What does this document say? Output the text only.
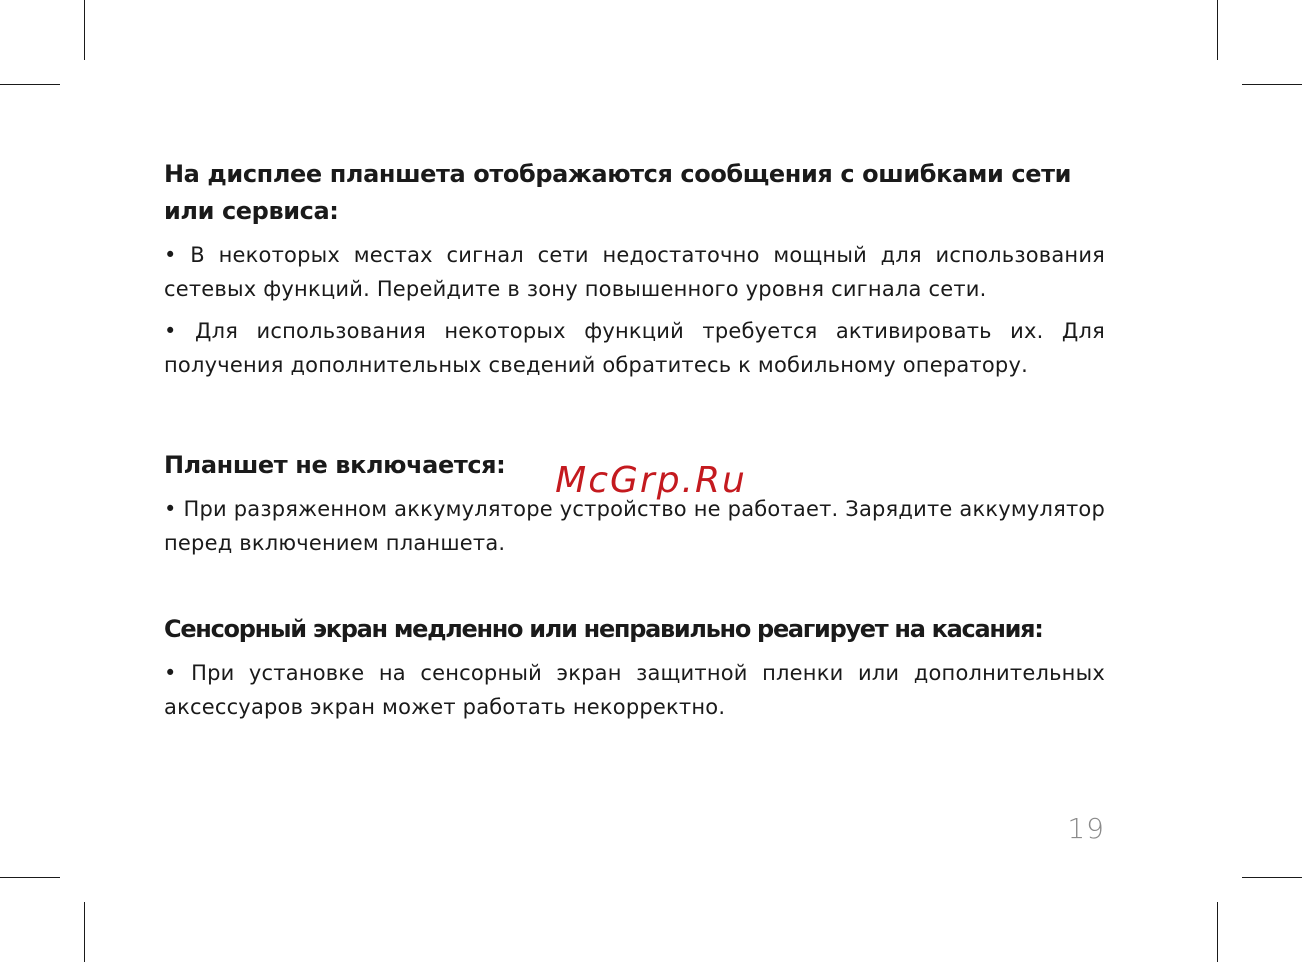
На дисплее планшета отображаются сообщения с ошибками сети или сервиса:

• В некоторых местах сигнал сети недостаточно мощный для использования сетевых функций. Перейдите в зону повышенного уровня сигнала сети.

• Для использования некоторых функций требуется активировать их. Для получения дополнительных сведений обратитесь к мобильному оператору.

Планшет не включается:

• При разряженном аккумуляторе устройство не работает. Зарядите аккумулятор перед включением планшета.

Сенсорный экран медленно или неправильно реагирует на касания:

• При установке на сенсорный экран защитной пленки или дополнительных аксессуаров экран может работать некорректно.

McGrp.Ru
19
